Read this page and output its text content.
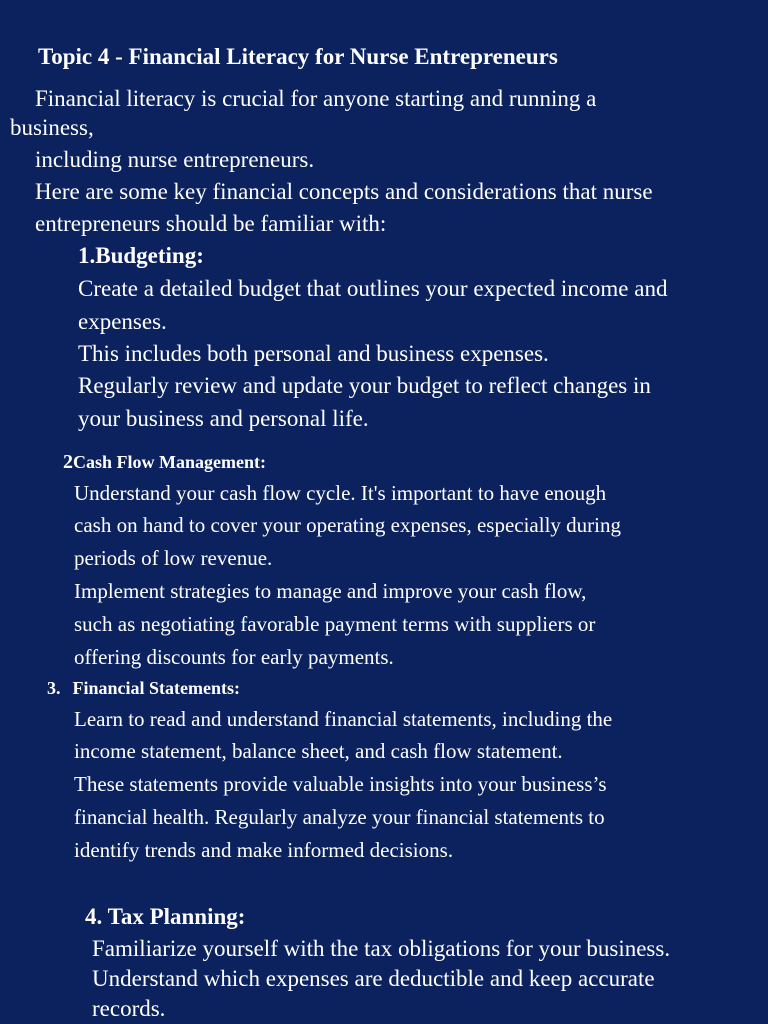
Topic 4 - Financial Literacy for Nurse Entrepreneurs
Financial literacy is crucial for anyone starting and running a
business,
including nurse entrepreneurs.
Here are some key financial concepts and considerations that nurse
entrepreneurs should be familiar with:
1.Budgeting:
Create a detailed budget that outlines your expected income and
expenses.
This includes both personal and business expenses.
Regularly review and update your budget to reflect changes in
your business and personal life.
2Cash Flow Management:
Understand your cash flow cycle. It's important to have enough
cash on hand to cover your operating expenses, especially during
periods of low revenue.
Implement strategies to manage and improve your cash flow,
such as negotiating favorable payment terms with suppliers or
offering discounts for early payments.
3. Financial Statements:
Learn to read and understand financial statements, including the
income statement, balance sheet, and cash flow statement.
These statements provide valuable insights into your business’s
financial health. Regularly analyze your financial statements to
identify trends and make informed decisions.
4. Tax Planning:
Familiarize yourself with the tax obligations for your business.
Understand which expenses are deductible and keep accurate
records.
